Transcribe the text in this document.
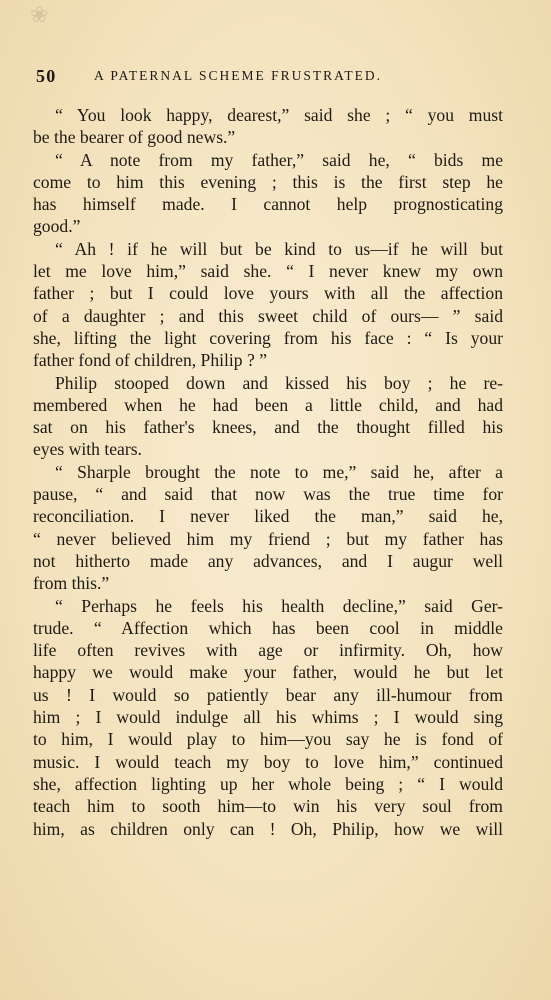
❀
50	A PATERNAL SCHEME FRUSTRATED.
“ You look happy, dearest,” said she ; “ you must
be the bearer of good news.”
“ A note from my father,” said he, “ bids me
come to him this evening ; this is the first step he
has himself made. I cannot help prognosticating
good.”
“ Ah ! if he will but be kind to us—if he will but
let me love him,” said she. “ I never knew my own
father ; but I could love yours with all the affection
of a daughter ; and this sweet child of ours— ” said
she, lifting the light covering from his face : “ Is your
father fond of children, Philip ? ”
Philip stooped down and kissed his boy ; he re-
membered when he had been a little child, and had
sat on his father's knees, and the thought filled his
eyes with tears.
“ Sharple brought the note to me,” said he, after a
pause, “ and said that now was the true time for
reconciliation. I never liked the man,” said he,
“ never believed him my friend ; but my father has
not hitherto made any advances, and I augur well
from this.”
“ Perhaps he feels his health decline,” said Ger-
trude. “ Affection which has been cool in middle
life often revives with age or infirmity. Oh, how
happy we would make your father, would he but let
us ! I would so patiently bear any ill-humour from
him ; I would indulge all his whims ; I would sing
to him, I would play to him—you say he is fond of
music. I would teach my boy to love him,” continued
she, affection lighting up her whole being ; “ I would
teach him to sooth him—to win his very soul from
him, as children only can ! Oh, Philip, how we will
